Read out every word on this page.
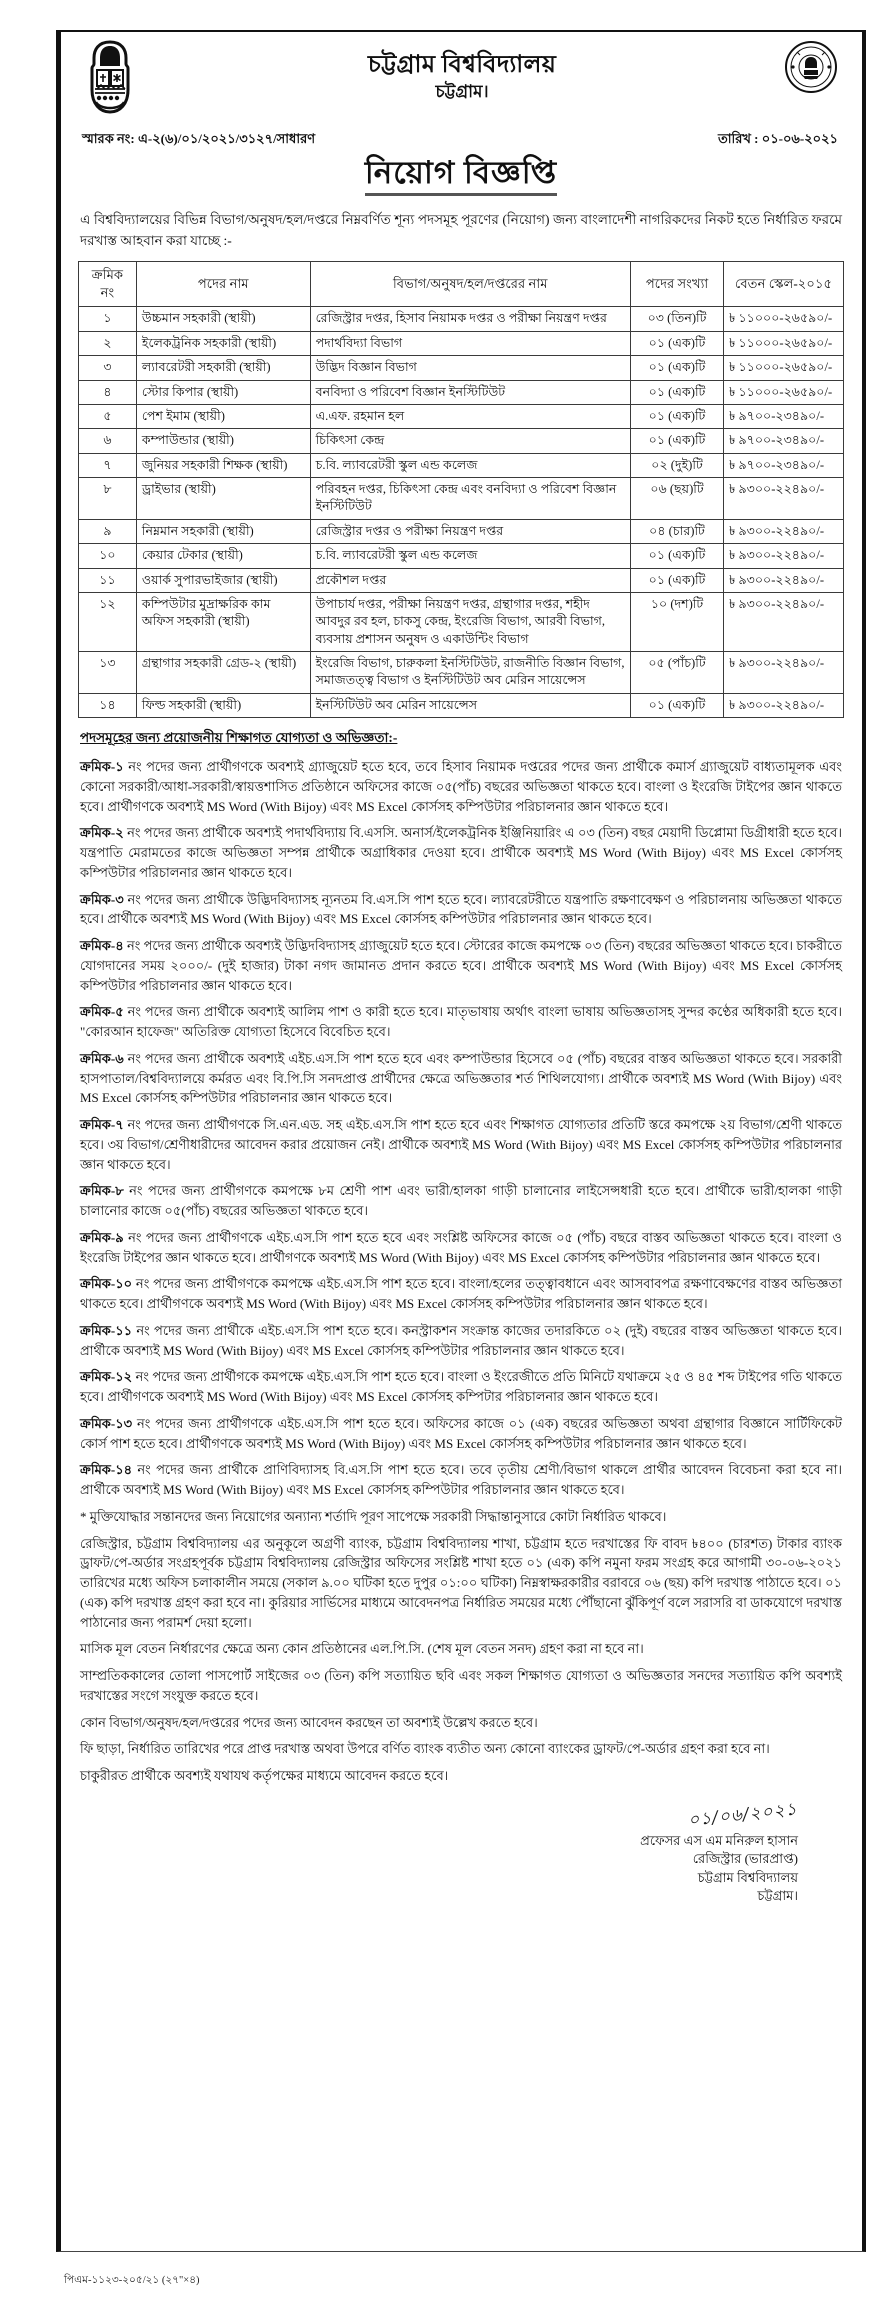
চট্টগ্রাম বিশ্ববিদ্যালয়
চট্টগ্রাম।
স্মারক নং: এ-২(৬)/০১/২০২১/৩১২৭/সাধারণ	তারিখ : ০১-০৬-২০২১
নিয়োগ বিজ্ঞপ্তি
এ বিশ্ববিদ্যালয়ের বিভিন্ন বিভাগ/অনুষদ/হল/দপ্তরে নিম্নবর্ণিত শূন্য পদসমূহ পূরণের (নিয়োগ) জন্য বাংলাদেশী নাগরিকদের নিকট হতে নির্ধারিত ফরমে দরখাস্ত আহবান করা যাচ্ছে :-
ক্রমিক নং	পদের নাম	বিভাগ/অনুষদ/হল/দপ্তরের নাম	পদের সংখ্যা	বেতন স্কেল-২০১৫
১	উচ্চমান সহকারী (স্থায়ী)	রেজিস্ট্রার দপ্তর, হিসাব নিয়ামক দপ্তর ও পরীক্ষা নিয়ন্ত্রণ দপ্তর	০৩ (তিন)টি	৳ ১১০০০-২৬৫৯০/-
২	ইলেকট্রনিক সহকারী (স্থায়ী)	পদার্থবিদ্যা বিভাগ	০১ (এক)টি	৳ ১১০০০-২৬৫৯০/-
৩	ল্যাবরেটরী সহকারী (স্থায়ী)	উদ্ভিদ বিজ্ঞান বিভাগ	০১ (এক)টি	৳ ১১০০০-২৬৫৯০/-
৪	স্টোর কিপার (স্থায়ী)	বনবিদ্যা ও পরিবেশ বিজ্ঞান ইনস্টিটিউট	০১ (এক)টি	৳ ১১০০০-২৬৫৯০/-
৫	পেশ ইমাম (স্থায়ী)	এ.এফ. রহমান হল	০১ (এক)টি	৳ ৯৭০০-২৩৪৯০/-
৬	কম্পাউন্ডার (স্থায়ী)	চিকিৎসা কেন্দ্র	০১ (এক)টি	৳ ৯৭০০-২৩৪৯০/-
৭	জুনিয়র সহকারী শিক্ষক (স্থায়ী)	চ.বি. ল্যাবরেটরী স্কুল এন্ড কলেজ	০২ (দুই)টি	৳ ৯৭০০-২৩৪৯০/-
৮	ড্রাইভার (স্থায়ী)	পরিবহন দপ্তর, চিকিৎসা কেন্দ্র এবং বনবিদ্যা ও পরিবেশ বিজ্ঞান ইনস্টিটিউট	০৬ (ছয়)টি	৳ ৯৩০০-২২৪৯০/-
৯	নিম্নমান সহকারী (স্থায়ী)	রেজিস্ট্রার দপ্তর ও পরীক্ষা নিয়ন্ত্রণ দপ্তর	০৪ (চার)টি	৳ ৯৩০০-২২৪৯০/-
১০	কেয়ার টেকার (স্থায়ী)	চ.বি. ল্যাবরেটরী স্কুল এন্ড কলেজ	০১ (এক)টি	৳ ৯৩০০-২২৪৯০/-
১১	ওয়ার্ক সুপারভাইজার (স্থায়ী)	প্রকৌশল দপ্তর	০১ (এক)টি	৳ ৯৩০০-২২৪৯০/-
১২	কম্পিউটার মুদ্রাক্ষরিক কাম অফিস সহকারী (স্থায়ী)	উপাচার্য দপ্তর, পরীক্ষা নিয়ন্ত্রণ দপ্তর, গ্রন্থাগার দপ্তর, শহীদ আবদুর রব হল, চাকসু কেন্দ্র, ইংরেজি বিভাগ, আরবী বিভাগ, ব্যবসায় প্রশাসন অনুষদ ও একাউন্টিং বিভাগ	১০ (দশ)টি	৳ ৯৩০০-২২৪৯০/-
১৩	গ্রন্থাগার সহকারী গ্রেড-২ (স্থায়ী)	ইংরেজি বিভাগ, চারুকলা ইনস্টিটিউট, রাজনীতি বিজ্ঞান বিভাগ, সমাজতত্ত্ব বিভাগ ও ইনস্টিটিউট অব মেরিন সায়েন্সেস	০৫ (পাঁচ)টি	৳ ৯৩০০-২২৪৯০/-
১৪	ফিল্ড সহকারী (স্থায়ী)	ইনস্টিটিউট অব মেরিন সায়েন্সেস	০১ (এক)টি	৳ ৯৩০০-২২৪৯০/-
পদসমূহের জন্য প্রয়োজনীয় শিক্ষাগত যোগ্যতা ও অভিজ্ঞতা:-

ক্রমিক-১ নং পদের জন্য প্রার্থীগণকে অবশ্যই গ্র্যাজুয়েট হতে হবে, তবে হিসাব নিয়ামক দপ্তরের পদের জন্য প্রার্থীকে কমার্স গ্র্যাজুয়েট বাধ্যতামূলক এবং কোনো সরকারী/আধা-সরকারী/স্বায়ত্তশাসিত প্রতিষ্ঠানে অফিসের কাজে ০৫(পাঁচ) বছরের অভিজ্ঞতা থাকতে হবে। বাংলা ও ইংরেজি টাইপের জ্ঞান থাকতে হবে। প্রার্থীগণকে অবশ্যই MS Word (With Bijoy) এবং MS Excel কোর্সসহ কম্পিউটার পরিচালনার জ্ঞান থাকতে হবে।

ক্রমিক-২ নং পদের জন্য প্রার্থীকে অবশ্যই পদার্থবিদ্যায় বি.এসসি. অনার্স/ইলেকট্রনিক ইঞ্জিনিয়ারিং এ ০৩ (তিন) বছর মেয়াদী ডিপ্লোমা ডিগ্রীধারী হতে হবে। যন্ত্রপাতি মেরামতের কাজে অভিজ্ঞতা সম্পন্ন প্রার্থীকে অগ্রাধিকার দেওয়া হবে। প্রার্থীকে অবশ্যই MS Word (With Bijoy) এবং MS Excel কোর্সসহ কম্পিউটার পরিচালনার জ্ঞান থাকতে হবে।

ক্রমিক-৩ নং পদের জন্য প্রার্থীকে উদ্ভিদবিদ্যাসহ ন্যূনতম বি.এস.সি পাশ হতে হবে। ল্যাবরেটরীতে যন্ত্রপাতি রক্ষণাবেক্ষণ ও পরিচালনায় অভিজ্ঞতা থাকতে হবে। প্রার্থীকে অবশ্যই MS Word (With Bijoy) এবং MS Excel কোর্সসহ কম্পিউটার পরিচালনার জ্ঞান থাকতে হবে।

ক্রমিক-৪ নং পদের জন্য প্রার্থীকে অবশ্যই উদ্ভিদবিদ্যাসহ গ্র্যাজুয়েট হতে হবে। স্টোরের কাজে কমপক্ষে ০৩ (তিন) বছরের অভিজ্ঞতা থাকতে হবে। চাকরীতে যোগদানের সময় ২০০০/- (দুই হাজার) টাকা নগদ জামানত প্রদান করতে হবে। প্রার্থীকে অবশ্যই MS Word (With Bijoy) এবং MS Excel কোর্সসহ কম্পিউটার পরিচালনার জ্ঞান থাকতে হবে।

ক্রমিক-৫ নং পদের জন্য প্রার্থীকে অবশ্যই আলিম পাশ ও কারী হতে হবে। মাতৃভাষায় অর্থাৎ বাংলা ভাষায় অভিজ্ঞতাসহ সুন্দর কণ্ঠের অধিকারী হতে হবে। "কোরআন হাফেজ" অতিরিক্ত যোগ্যতা হিসেবে বিবেচিত হবে।

ক্রমিক-৬ নং পদের জন্য প্রার্থীকে অবশ্যই এইচ.এস.সি পাশ হতে হবে এবং কম্পাউন্ডার হিসেবে ০৫ (পাঁচ) বছরের বাস্তব অভিজ্ঞতা থাকতে হবে। সরকারী হাসপাতাল/বিশ্ববিদ্যালয়ে কর্মরত এবং বি.পি.সি সনদপ্রাপ্ত প্রার্থীদের ক্ষেত্রে অভিজ্ঞতার শর্ত শিথিলযোগ্য। প্রার্থীকে অবশ্যই MS Word (With Bijoy) এবং MS Excel কোর্সসহ কম্পিউটার পরিচালনার জ্ঞান থাকতে হবে।

ক্রমিক-৭ নং পদের জন্য প্রার্থীগণকে সি.এন.এড. সহ এইচ.এস.সি পাশ হতে হবে এবং শিক্ষাগত যোগ্যতার প্রতিটি স্তরে কমপক্ষে ২য় বিভাগ/শ্রেণী থাকতে হবে। ৩য় বিভাগ/শ্রেণীধারীদের আবেদন করার প্রয়োজন নেই। প্রার্থীকে অবশ্যই MS Word (With Bijoy) এবং MS Excel কোর্সসহ কম্পিউটার পরিচালনার জ্ঞান থাকতে হবে।

ক্রমিক-৮ নং পদের জন্য প্রার্থীগণকে কমপক্ষে ৮ম শ্রেণী পাশ এবং ভারী/হালকা গাড়ী চালানোর লাইসেন্সধারী হতে হবে। প্রার্থীকে ভারী/হালকা গাড়ী চালানোর কাজে ০৫(পাঁচ) বছরের অভিজ্ঞতা থাকতে হবে।

ক্রমিক-৯ নং পদের জন্য প্রার্থীগণকে এইচ.এস.সি পাশ হতে হবে এবং সংশ্লিষ্ট অফিসের কাজে ০৫ (পাঁচ) বছরে বাস্তব অভিজ্ঞতা থাকতে হবে। বাংলা ও ইংরেজি টাইপের জ্ঞান থাকতে হবে। প্রার্থীগণকে অবশ্যই MS Word (With Bijoy) এবং MS Excel কোর্সসহ কম্পিউটার পরিচালনার জ্ঞান থাকতে হবে।

ক্রমিক-১০ নং পদের জন্য প্রার্থীগণকে কমপক্ষে এইচ.এস.সি পাশ হতে হবে। বাংলা/হলের তত্ত্বাবধানে এবং আসবাবপত্র রক্ষণাবেক্ষণের বাস্তব অভিজ্ঞতা থাকতে হবে। প্রার্থীগণকে অবশ্যই MS Word (With Bijoy) এবং MS Excel কোর্সসহ কম্পিউটার পরিচালনার জ্ঞান থাকতে হবে।

ক্রমিক-১১ নং পদের জন্য প্রার্থীকে এইচ.এস.সি পাশ হতে হবে। কনস্ট্রাকশন সংক্রান্ত কাজের তদারকিতে ০২ (দুই) বছরের বাস্তব অভিজ্ঞতা থাকতে হবে। প্রার্থীকে অবশ্যই MS Word (With Bijoy) এবং MS Excel কোর্সসহ কম্পিউটার পরিচালনার জ্ঞান থাকতে হবে।

ক্রমিক-১২ নং পদের জন্য প্রার্থীগকে কমপক্ষে এইচ.এস.সি পাশ হতে হবে। বাংলা ও ইংরেজীতে প্রতি মিনিটে যথাক্রমে ২৫ ও ৪৫ শব্দ টাইপের গতি থাকতে হবে। প্রার্থীগণকে অবশ্যই MS Word (With Bijoy) এবং MS Excel কোর্সসহ কম্পিটার পরিচালনার জ্ঞান থাকতে হবে।

ক্রমিক-১৩ নং পদের জন্য প্রার্থীগণকে এইচ.এস.সি পাশ হতে হবে। অফিসের কাজে ০১ (এক) বছরের অভিজ্ঞতা অথবা গ্রন্থাগার বিজ্ঞানে সার্টিফিকেট কোর্স পাশ হতে হবে। প্রার্থীগণকে অবশ্যই MS Word (With Bijoy) এবং MS Excel কোর্সসহ কম্পিউটার পরিচালনার জ্ঞান থাকতে হবে।

ক্রমিক-১৪ নং পদের জন্য প্রার্থীকে প্রাণিবিদ্যাসহ বি.এস.সি পাশ হতে হবে। তবে তৃতীয় শ্রেণী/বিভাগ থাকলে প্রার্থীর আবেদন বিবেচনা করা হবে না। প্রার্থীকে অবশ্যই MS Word (With Bijoy) এবং MS Excel কোর্সসহ কম্পিউটার পরিচালনার জ্ঞান থাকতে হবে।

* মুক্তিযোদ্ধার সন্তানদের জন্য নিয়োগের অন্যান্য শর্তাদি পূরণ সাপেক্ষে সরকারী সিদ্ধান্তানুসারে কোটা নির্ধারিত থাকবে।

রেজিস্ট্রার, চট্টগ্রাম বিশ্ববিদ্যালয় এর অনুকূলে অগ্রণী ব্যাংক, চট্টগ্রাম বিশ্ববিদ্যালয় শাখা, চট্টগ্রাম হতে দরখাস্তের ফি বাবদ ৳৪০০ (চারশত) টাকার ব্যাংক ড্রাফট/পে-অর্ডার সংগ্রহপূর্বক চট্টগ্রাম বিশ্ববিদ্যালয় রেজিস্ট্রার অফিসের সংশ্লিষ্ট শাখা হতে ০১ (এক) কপি নমুনা ফরম সংগ্রহ করে আগামী ৩০-০৬-২০২১ তারিখের মধ্যে অফিস চলাকালীন সময়ে (সকাল ৯.০০ ঘটিকা হতে দুপুর ০১:০০ ঘটিকা) নিম্নস্বাক্ষরকারীর বরাবরে ০৬ (ছয়) কপি দরখাস্ত পাঠাতে হবে। ০১ (এক) কপি দরখাস্ত গ্রহণ করা হবে না। কুরিয়ার সার্ভিসের মাধ্যমে আবেদনপত্র নির্ধারিত সময়ের মধ্যে পৌঁছানো ঝুঁকিপূর্ণ বলে সরাসরি বা ডাকযোগে দরখাস্ত পাঠানোর জন্য পরামর্শ দেয়া হলো।

মাসিক মূল বেতন নির্ধারণের ক্ষেত্রে অন্য কোন প্রতিষ্ঠানের এল.পি.সি. (শেষ মূল বেতন সনদ) গ্রহণ করা না হবে না।

সাম্প্রতিককালের তোলা পাসপোর্ট সাইজের ০৩ (তিন) কপি সত্যায়িত ছবি এবং সকল শিক্ষাগত যোগ্যতা ও অভিজ্ঞতার সনদের সত্যায়িত কপি অবশ্যই দরখাস্তের সংগে সংযুক্ত করতে হবে।

কোন বিভাগ/অনুষদ/হল/দপ্তরের পদের জন্য আবেদন করছেন তা অবশ্যই উল্লেখ করতে হবে।

ফি ছাড়া, নির্ধারিত তারিখের পরে প্রাপ্ত দরখাস্ত অথবা উপরে বর্ণিত ব্যাংক ব্যতীত অন্য কোনো ব্যাংকের ড্রাফট/পে-অর্ডার গ্রহণ করা হবে না।

চাকুরীরত প্রার্থীকে অবশ্যই যথাযথ কর্তৃপক্ষের মাধ্যমে আবেদন করতে হবে।

০১/০৬/২০২১
প্রফেসর এস এম মনিরুল হাসান
রেজিস্ট্রার (ভারপ্রাপ্ত)
চট্টগ্রাম বিশ্ববিদ্যালয়
চট্টগ্রাম।
পিএম-১১২৩-২০৫/২১ (২৭"×৪)
